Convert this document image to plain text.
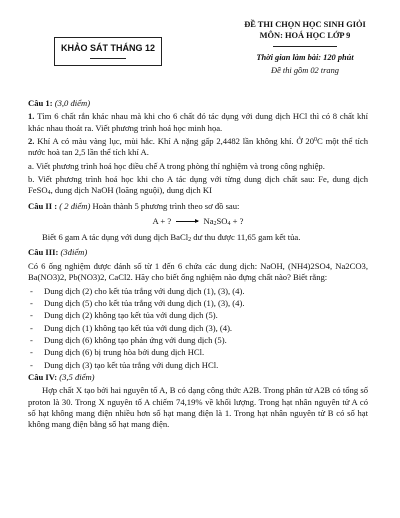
KHẢO SÁT THÁNG 12
ĐỀ THI CHỌN HỌC SINH GIỎI
MÔN: HOÁ HỌC LỚP 9
Thời gian làm bài: 120 phút
Đề thi gồm 02 trang
Câu 1: (3,0 điểm)

1. Tìm 6 chất rắn khác nhau mà khi cho 6 chất đó tác dụng với dung dịch HCl thì có 8 chất khí khác nhau thoát ra. Viết phương trình hoá học minh họa.

2. Khí A có màu vàng lục, mùi hắc. Khí A nặng gấp 2,4482 lần không khí. Ở $20^0C$ một thể tích nước hoà tan 2,5 lần thể tích khí A.

a. Viết phương trình hoá học điều chế A trong phòng thí nghiệm và trong công nghiệp.

b. Viết phương trình hoá học khi cho A tác dụng với từng dung dịch chất sau: Fe, dung dịch FeSO$_4$, dung dịch NaOH (loãng nguội), dung dịch KI

Câu II : ( 2 điểm) Hoàn thành 5 phương trình theo sơ đồ sau:
A + ? → $Na_2SO_4$ + ?

Biết 6 gam A tác dụng với dung dịch BaCl$_2$ dư thu được 11,65 gam kết tủa.

Câu III: (3điểm)

Có 6 ống nghiệm được đánh số từ 1 đến 6 chứa các dung dịch: NaOH, (NH4)2SO4, Na2CO3, Ba(NO3)2, Pb(NO3)2, CaCl2. Hãy cho biết ống nghiệm nào đựng chất nào? Biết rằng:

- Dung dịch (2) cho kết tủa trắng với dung dịch (1), (3), (4).
- Dung dịch (5) cho kết tủa trắng với dung dịch (1), (3), (4).
- Dung dịch (2) không tạo kết tủa với dung dịch (5).
- Dung dịch (1) không tạo kết tủa với dung dịch (3), (4).
- Dung dịch (6) không tạo phản ứng với dung dịch (5).
- Dung dịch (6) bị trung hòa bởi dung dịch HCl.
- Dung dịch (3) tạo kết tủa trắng với dung dịch HCl.
Câu IV: (3,5 điểm)

Hợp chất X tạo bởi hai nguyên tố A, B có dạng công thức A2B. Trong phân tử A2B có tổng số proton là 30. Trong X nguyên tố A chiếm 74,19% về khối lượng. Trong hạt nhân nguyên tử A có số hạt không mang điện nhiều hơn số hạt mang điện là 1. Trong hạt nhân nguyên tử B có số hạt không mang điện bằng số hạt mang điện.
